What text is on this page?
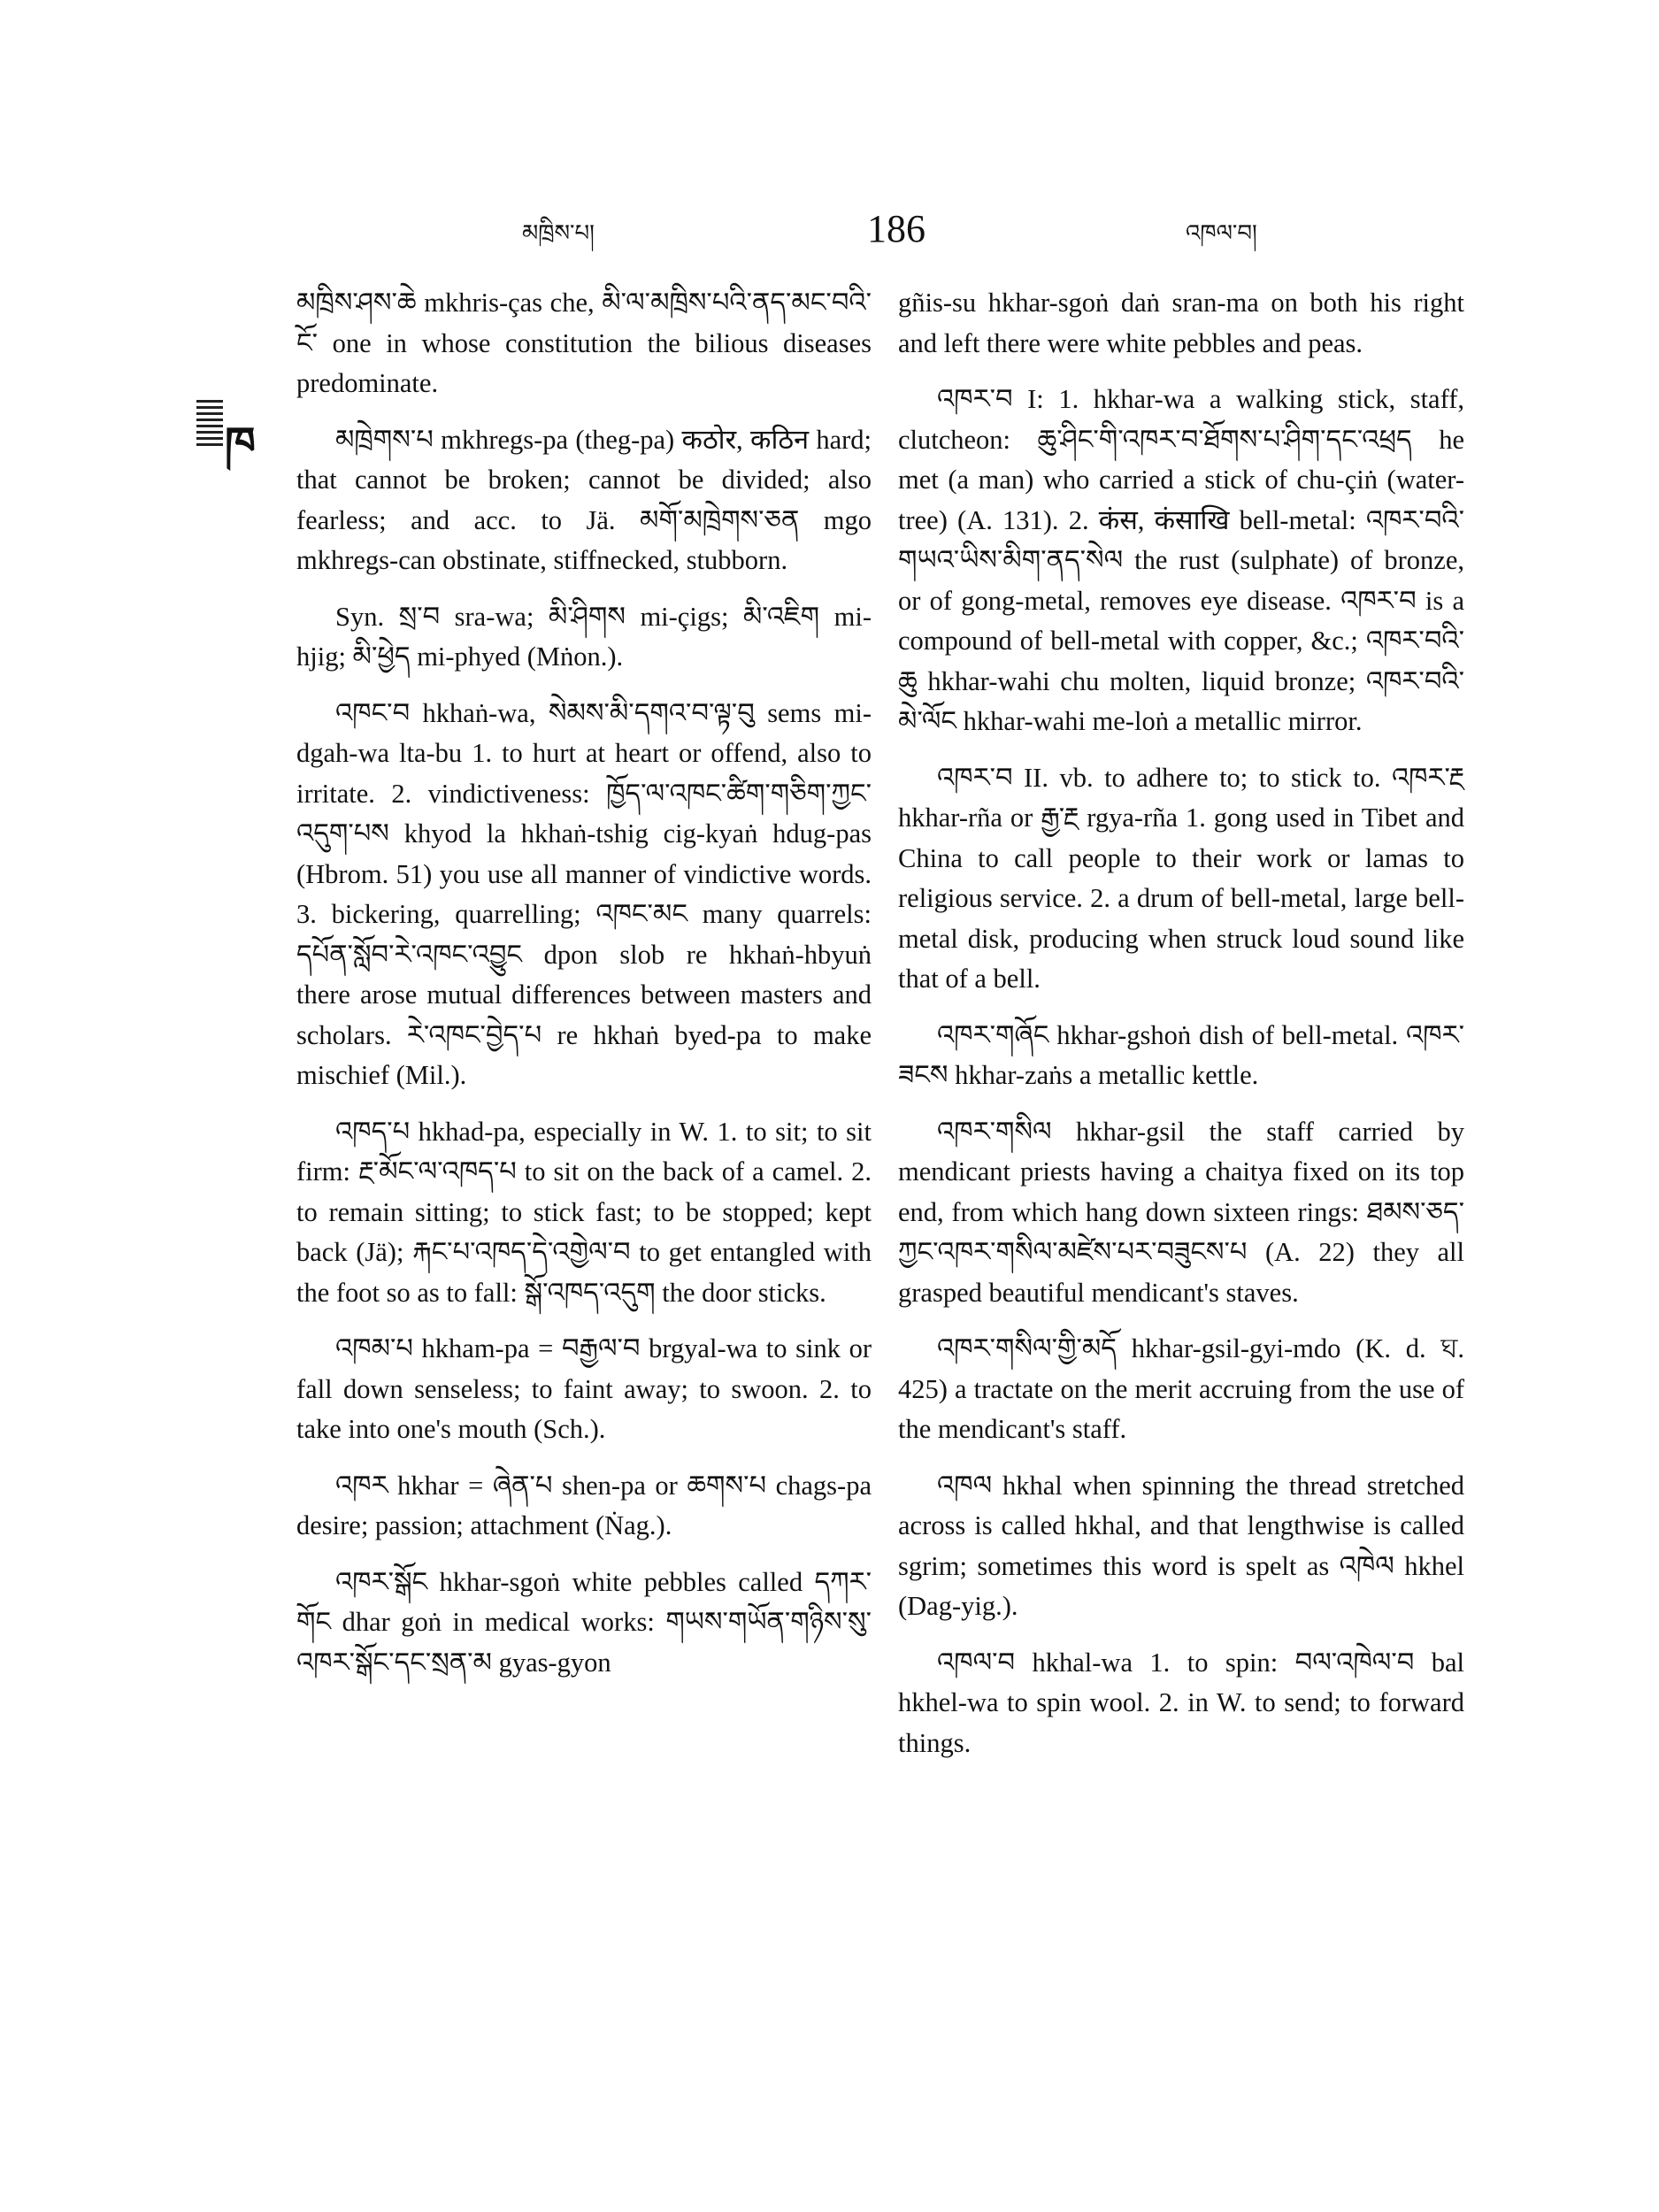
མཁྲིས་པ།	186	འཁལ་བ།
ཁ

མཁྲིས་ཤས་ཆེ mkhris-ças che, མི་ལ་མཁྲིས་པའི་ནད་མང་བའི་ངོ་ one in whose constitution the bilious diseases predominate.

མཁྲེགས་པ mkhregs-pa (theg-pa) कठोर, कठिन hard; that cannot be broken; cannot be divided; also fearless; and acc. to Jä. མགོ་མཁྲེགས་ཅན mgo mkhregs-can obstinate, stiffnecked, stubborn.

Syn. སྲ་བ sra-wa; མི་ཤིགས mi-çigs; མི་འཇིག mi-hjig; མི་ཕྱེད mi-phyed (Mṅon.).

འཁང་བ hkhaṅ-wa, སེམས་མི་དགའ་བ་ལྟ་བུ sems mi-dgah-wa lta-bu 1. to hurt at heart or offend, also to irritate. 2. vindictiveness: ཁྱོད་ལ་འཁང་ཚིག་གཅིག་ཀྱང་འདུག་པས khyod la hkhaṅ-tshig cig-kyaṅ hdug-pas (Hbrom. 51) you use all manner of vindictive words. 3. bickering, quarrelling; འཁང་མང many quarrels: དཔོན་སློབ་རེ་འཁང་འབྱུང dpon slob re hkhaṅ-hbyuṅ there arose mutual differences between masters and scholars. རེ་འཁང་བྱེད་པ re hkhaṅ byed-pa to make mischief (Mil.).

འཁད་པ hkhad-pa, especially in W. 1. to sit; to sit firm: རྔ་མོང་ལ་འཁད་པ to sit on the back of a camel. 2. to remain sitting; to stick fast; to be stopped; kept back (Jä); རྐང་པ་འཁད་དེ་འགྱེལ་བ to get entangled with the foot so as to fall: སྒོ་འཁད་འདུག the door sticks.

འཁམ་པ hkham-pa = བརྒྱལ་བ brgyal-wa to sink or fall down senseless; to faint away; to swoon. 2. to take into one's mouth (Sch.).

འཁར hkhar = ཞེན་པ shen-pa or ཆགས་པ chags-pa desire; passion; attachment (Ṅag.).

འཁར་སྒོང hkhar-sgoṅ white pebbles called དཀར་གོང dhar goṅ in medical works: གཡས་གཡོན་གཉིས་སུ་འཁར་སྒོང་དང་སྲན་མ gyas-gyon

gñis-su hkhar-sgoṅ daṅ sran-ma on both his right and left there were white pebbles and peas.

འཁར་བ I: 1. hkhar-wa a walking stick, staff, clutcheon: ཆུ་ཤིང་གི་འཁར་བ་ཐོགས་པ་ཤིག་དང་འཕྲད he met (a man) who carried a stick of chu-çiṅ (water-tree) (A. 131). 2. कंस, कंसाखि bell-metal: འཁར་བའི་གཡའ་ཡིས་མིག་ནད་སེལ the rust (sulphate) of bronze, or of gong-metal, removes eye disease. འཁར་བ is a compound of bell-metal with copper, &c.; འཁར་བའི་ཆུ hkhar-wahi chu molten, liquid bronze; འཁར་བའི་མེ་ལོང hkhar-wahi me-loṅ a metallic mirror.

འཁར་བ II. vb. to adhere to; to stick to. འཁར་རྔ hkhar-rña or རྒྱ་རྔ rgya-rña 1. gong used in Tibet and China to call people to their work or lamas to religious service. 2. a drum of bell-metal, large bell-metal disk, producing when struck loud sound like that of a bell.

འཁར་གཞོང hkhar-gshoṅ dish of bell-metal. འཁར་ཟངས hkhar-zaṅs a metallic kettle.

འཁར་གསིལ hkhar-gsil the staff carried by mendicant priests having a chaitya fixed on its top end, from which hang down sixteen rings: ཐམས་ཅད་ཀྱང་འཁར་གསིལ་མཛེས་པར་བཟུངས་པ (A. 22) they all grasped beautiful mendicant's staves.

འཁར་གསིལ་གྱི་མདོ hkhar-gsil-gyi-mdo (K. d. ঘ. 425) a tractate on the merit accruing from the use of the mendicant's staff.

འཁལ hkhal when spinning the thread stretched across is called hkhal, and that lengthwise is called sgrim; sometimes this word is spelt as འཁེལ hkhel (Dag-yig.).

འཁལ་བ hkhal-wa 1. to spin: བལ་འཁེལ་བ bal hkhel-wa to spin wool. 2. in W. to send; to forward things.
